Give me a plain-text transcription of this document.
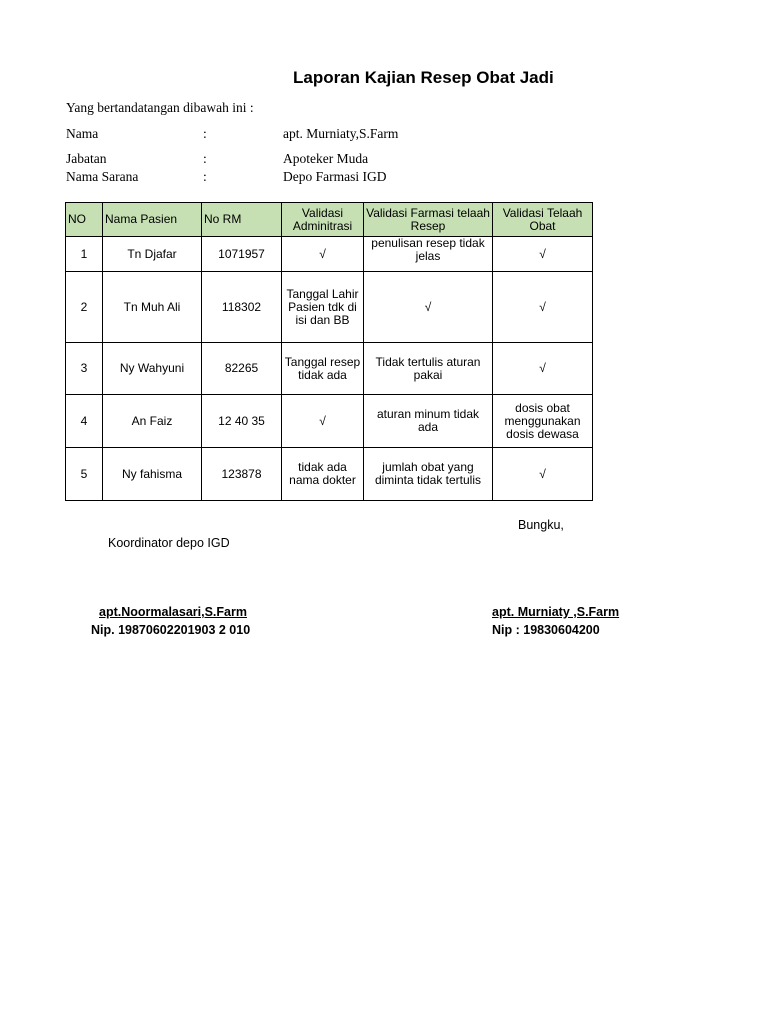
Laporan Kajian Resep Obat Jadi
Yang bertandatangan dibawah ini :
Nama	:	apt. Murniaty,S.Farm
Jabatan	:	Apoteker Muda
Nama Sarana	:	Depo Farmasi IGD
NO	Nama Pasien	No RM	Validasi Adminitrasi	Validasi Farmasi telaah Resep	Validasi Telaah Obat
1	Tn Djafar	1071957	√	penulisan resep tidak jelas	√
2	Tn Muh Ali	118302	Tanggal Lahir Pasien tdk di isi dan BB	√	√
3	Ny Wahyuni	82265	Tanggal resep tidak ada	Tidak tertulis aturan pakai	√
4	An Faiz	12 40 35	√	aturan minum tidak ada	dosis obat menggunakan dosis dewasa
5	Ny fahisma	123878	tidak ada nama dokter	jumlah obat yang diminta tidak tertulis	√
Bungku,
Koordinator depo IGD
apt.Noormalasari,S.Farm
Nip. 19870602201903 2 010
apt. Murniaty ,S.Farm
Nip : 19830604200
